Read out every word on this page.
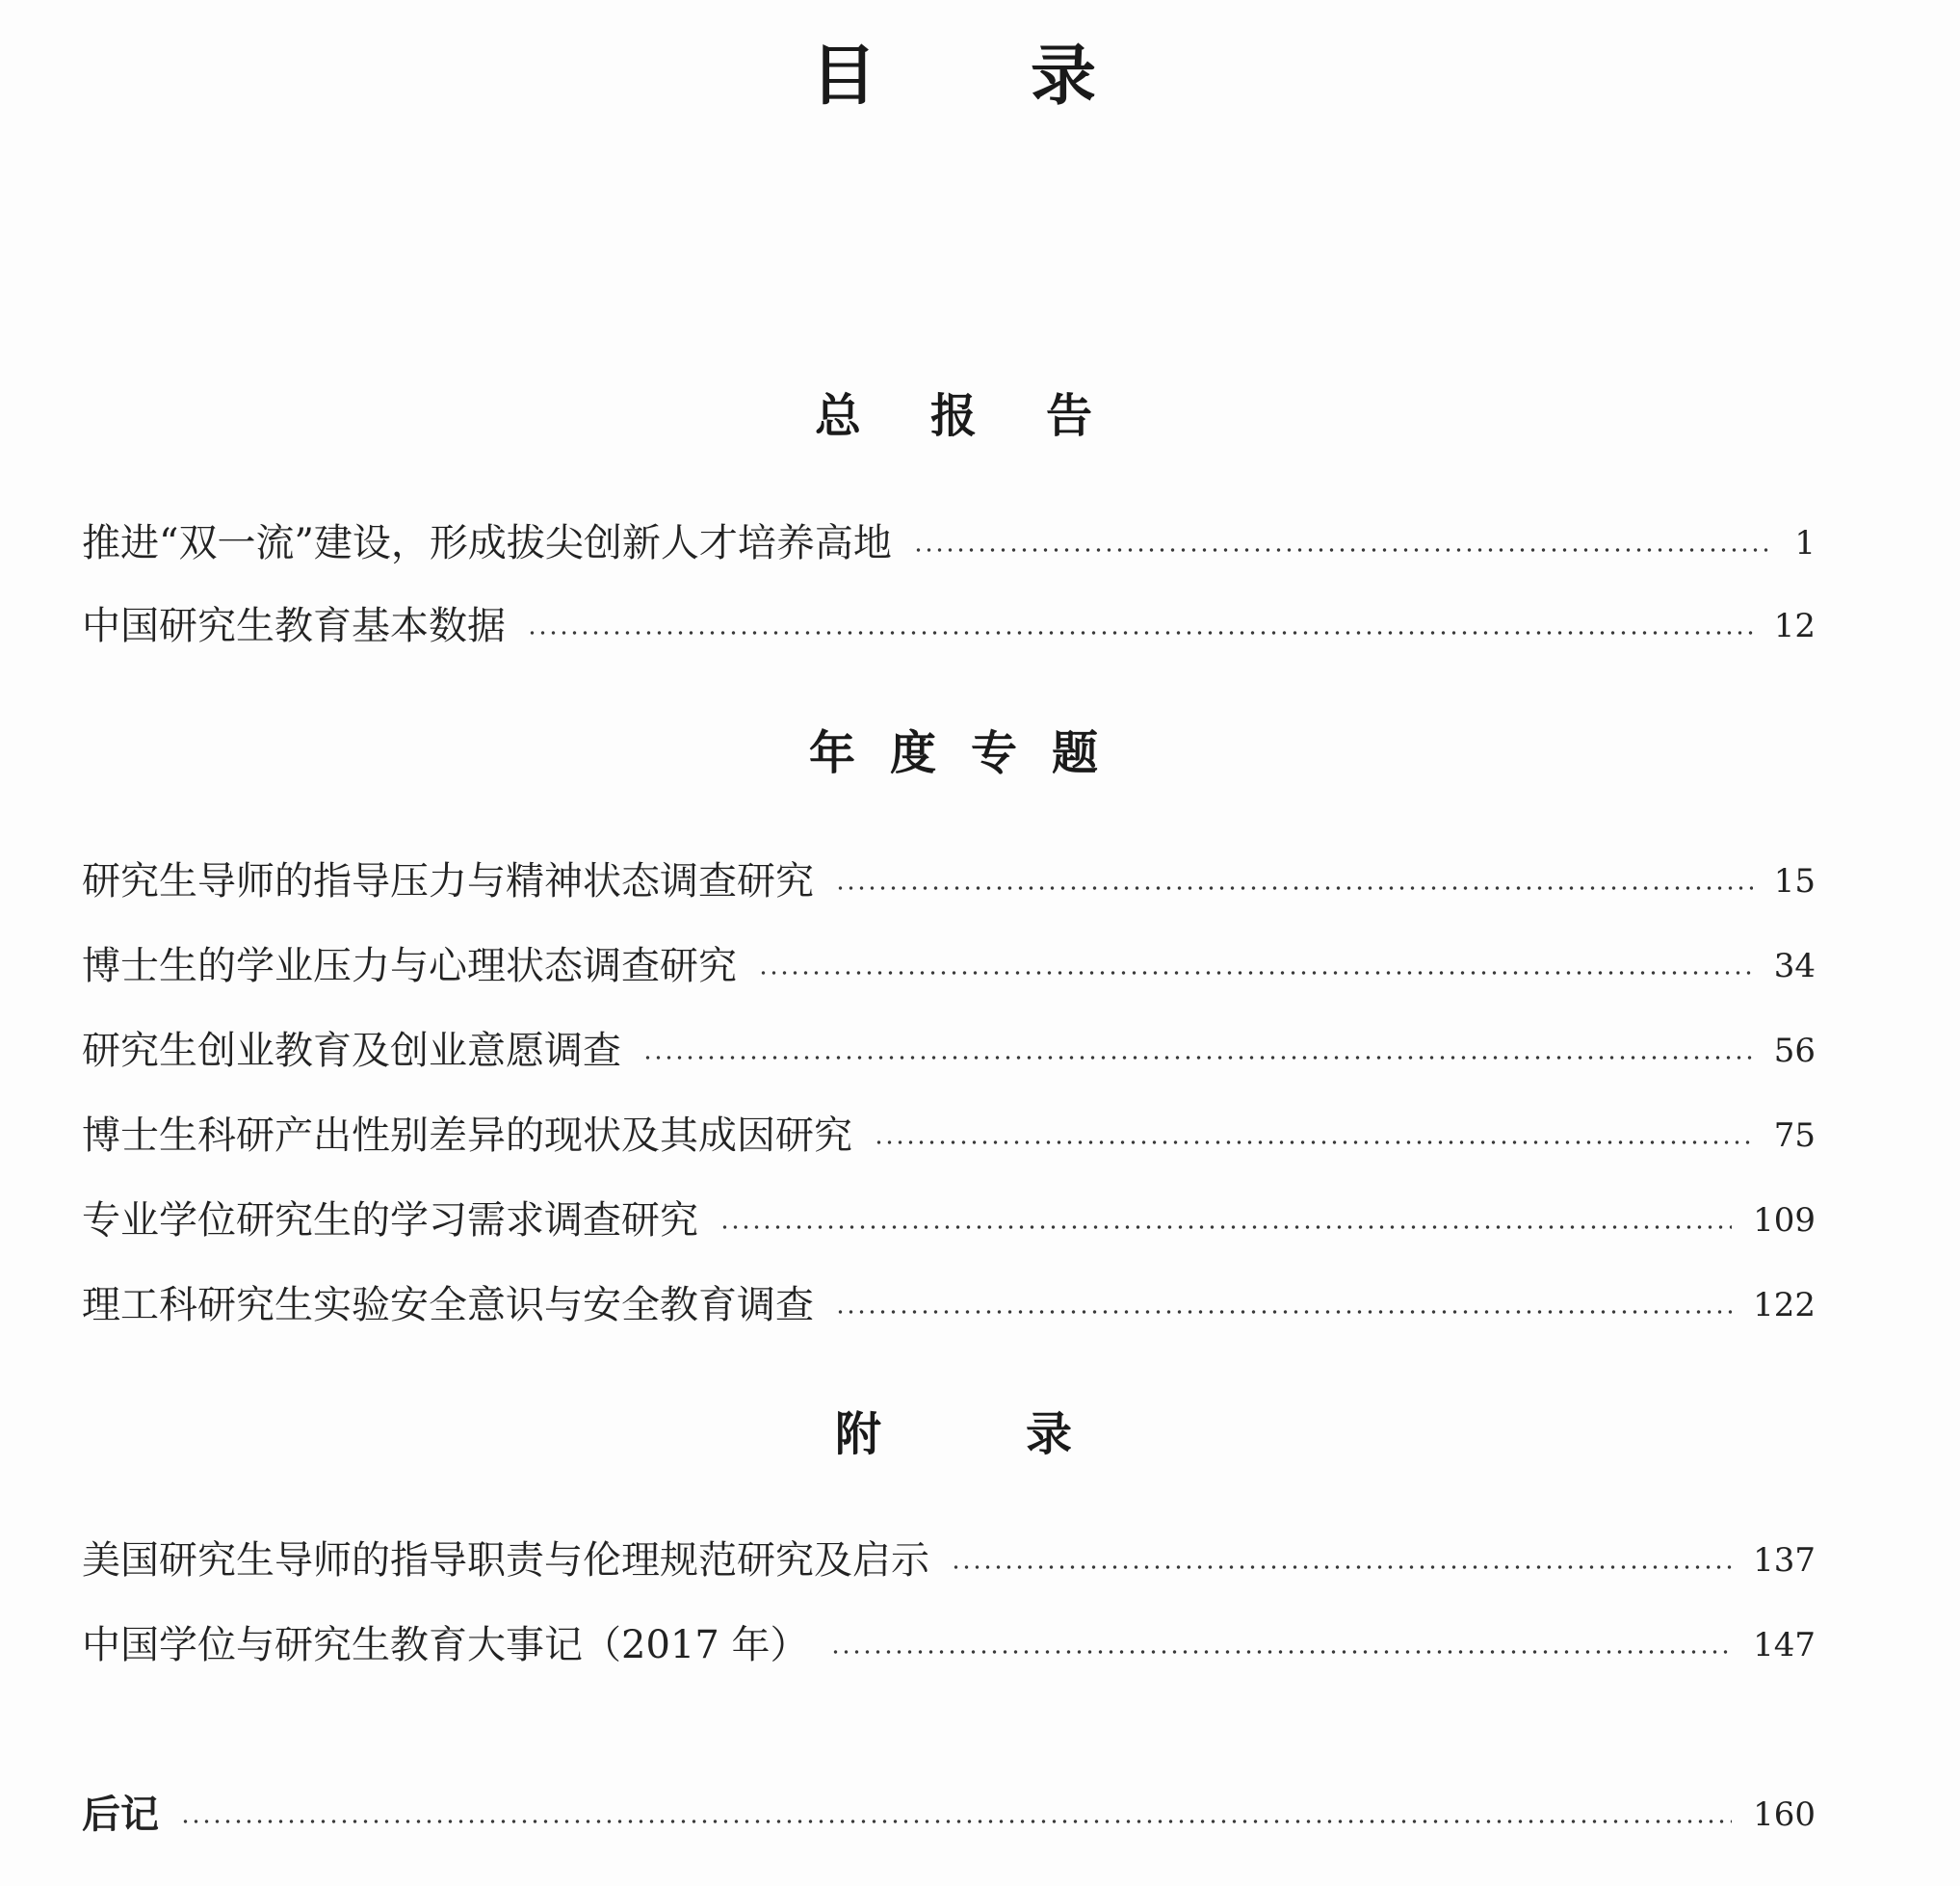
目录
总报告
推进“双一流”建设，形成拔尖创新人才培养高地	1
中国研究生教育基本数据	12
年度专题
研究生导师的指导压力与精神状态调查研究	15
博士生的学业压力与心理状态调查研究	34
研究生创业教育及创业意愿调查	56
博士生科研产出性别差异的现状及其成因研究	75
专业学位研究生的学习需求调查研究	109
理工科研究生实验安全意识与安全教育调查	122
附录
美国研究生导师的指导职责与伦理规范研究及启示	137
中国学位与研究生教育大事记（2017 年）	147
后记	160
